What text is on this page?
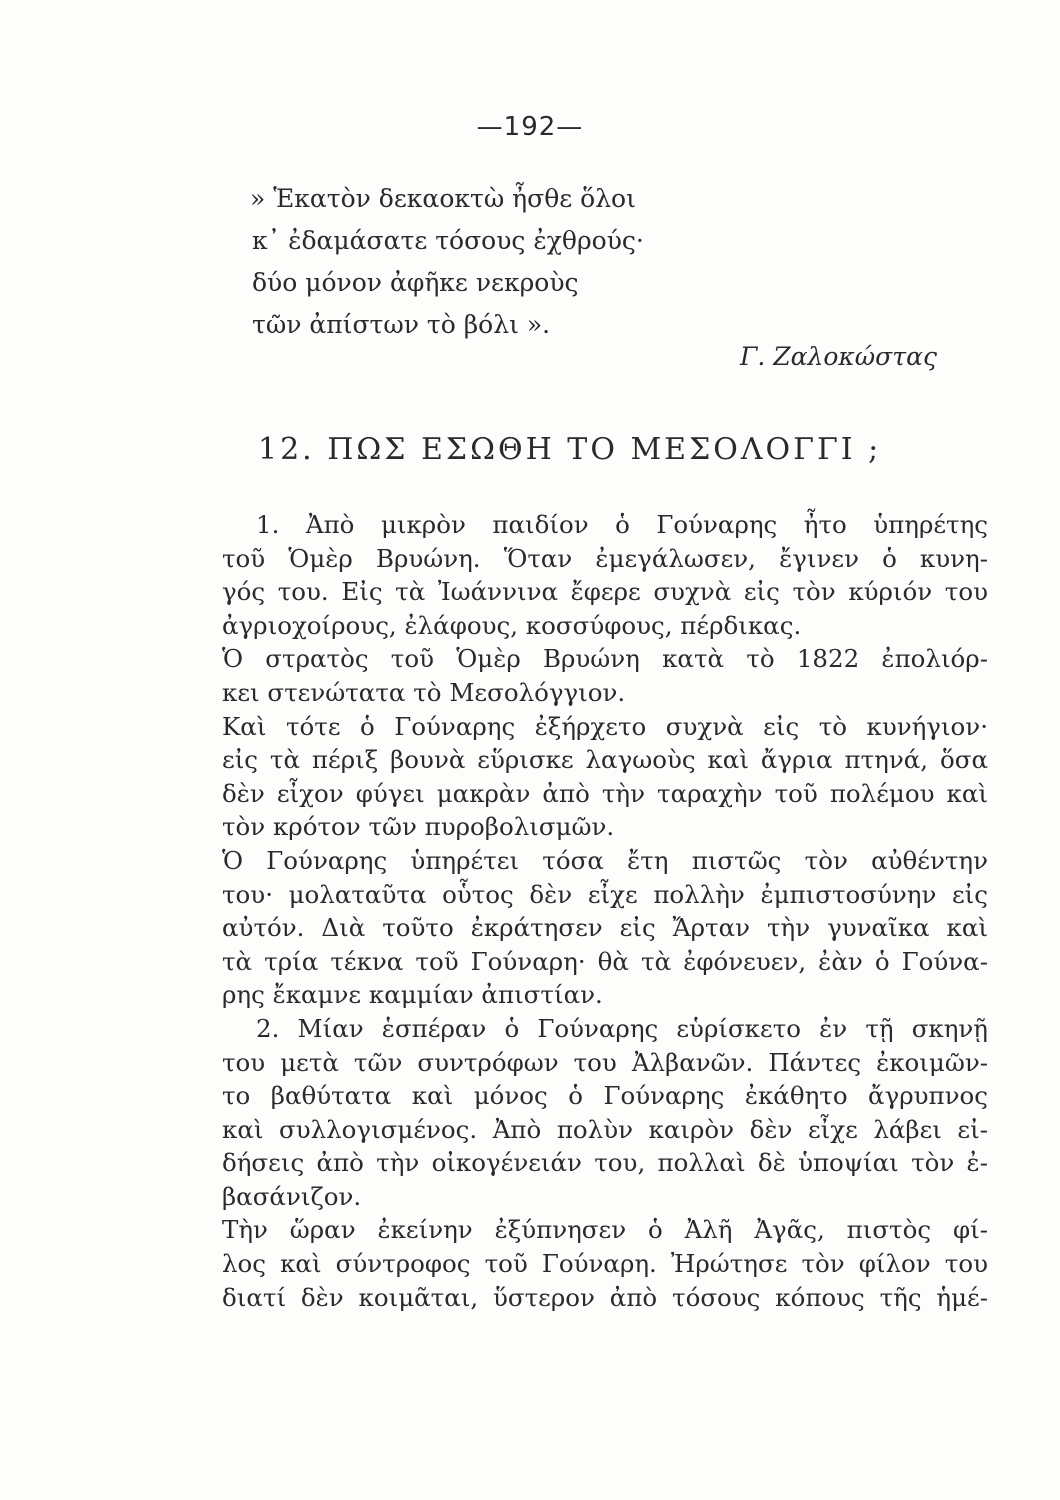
—192—
» Ἑκατὸν δεκαοκτὼ ἦσθε ὅλοι
κ᾽ ἐδαμάσατε τόσους ἐχθρούς·
δύο μόνον ἀφῆκε νεκροὺς
τῶν ἀπίστων τὸ βόλι ».
Γ. Ζαλοκώστας
12. ΠΩΣ ΕΣΩΘΗ ΤΟ ΜΕΣΟΛΟΓΓΙ ;
1. Ἀπὸ μικρὸν παιδίον ὁ Γούναρης ἦτο ὑπηρέτης
τοῦ Ὁμὲρ Βρυώνη. Ὅταν ἐμεγάλωσεν, ἔγινεν ὁ κυνη-
γός του. Εἰς τὰ Ἰωάννινα ἔφερε συχνὰ εἰς τὸν κύριόν του
ἀγριοχοίρους, ἐλάφους, κοσσύφους, πέρδικας.
Ὁ στρατὸς τοῦ Ὁμὲρ Βρυώνη κατὰ τὸ 1822 ἐπολιόρ-
κει στενώτατα τὸ Μεσολόγγιον.
Καὶ τότε ὁ Γούναρης ἐξήρχετο συχνὰ εἰς τὸ κυνήγιον·
εἰς τὰ πέριξ βουνὰ εὕρισκε λαγωοὺς καὶ ἄγρια πτηνά, ὅσα
δὲν εἶχον φύγει μακρὰν ἀπὸ τὴν ταραχὴν τοῦ πολέμου καὶ
τὸν κρότον τῶν πυροβολισμῶν.
Ὁ Γούναρης ὑπηρέτει τόσα ἔτη πιστῶς τὸν αὐθέντην
του· μολαταῦτα οὗτος δὲν εἶχε πολλὴν ἐμπιστοσύνην εἰς
αὐτόν. Διὰ τοῦτο ἐκράτησεν εἰς Ἄρταν τὴν γυναῖκα καὶ
τὰ τρία τέκνα τοῦ Γούναρη· θὰ τὰ ἐφόνευεν, ἐὰν ὁ Γούνα-
ρης ἔκαμνε καμμίαν ἀπιστίαν.
2. Μίαν ἑσπέραν ὁ Γούναρης εὑρίσκετο ἐν τῇ σκηνῇ
του μετὰ τῶν συντρόφων του Ἀλβανῶν. Πάντες ἐκοιμῶν-
το βαθύτατα καὶ μόνος ὁ Γούναρης ἐκάθητο ἄγρυπνος
καὶ συλλογισμένος. Ἀπὸ πολὺν καιρὸν δὲν εἶχε λάβει εἰ-
δήσεις ἀπὸ τὴν οἰκογένειάν του, πολλαὶ δὲ ὑποψίαι τὸν ἐ-
βασάνιζον.
Τὴν ὥραν ἐκείνην ἐξύπνησεν ὁ Ἀλῆ Ἀγᾶς, πιστὸς φί-
λος καὶ σύντροφος τοῦ Γούναρη. Ἠρώτησε τὸν φίλον του
διατί δὲν κοιμᾶται, ὕστερον ἀπὸ τόσους κόπους τῆς ἡμέ-
